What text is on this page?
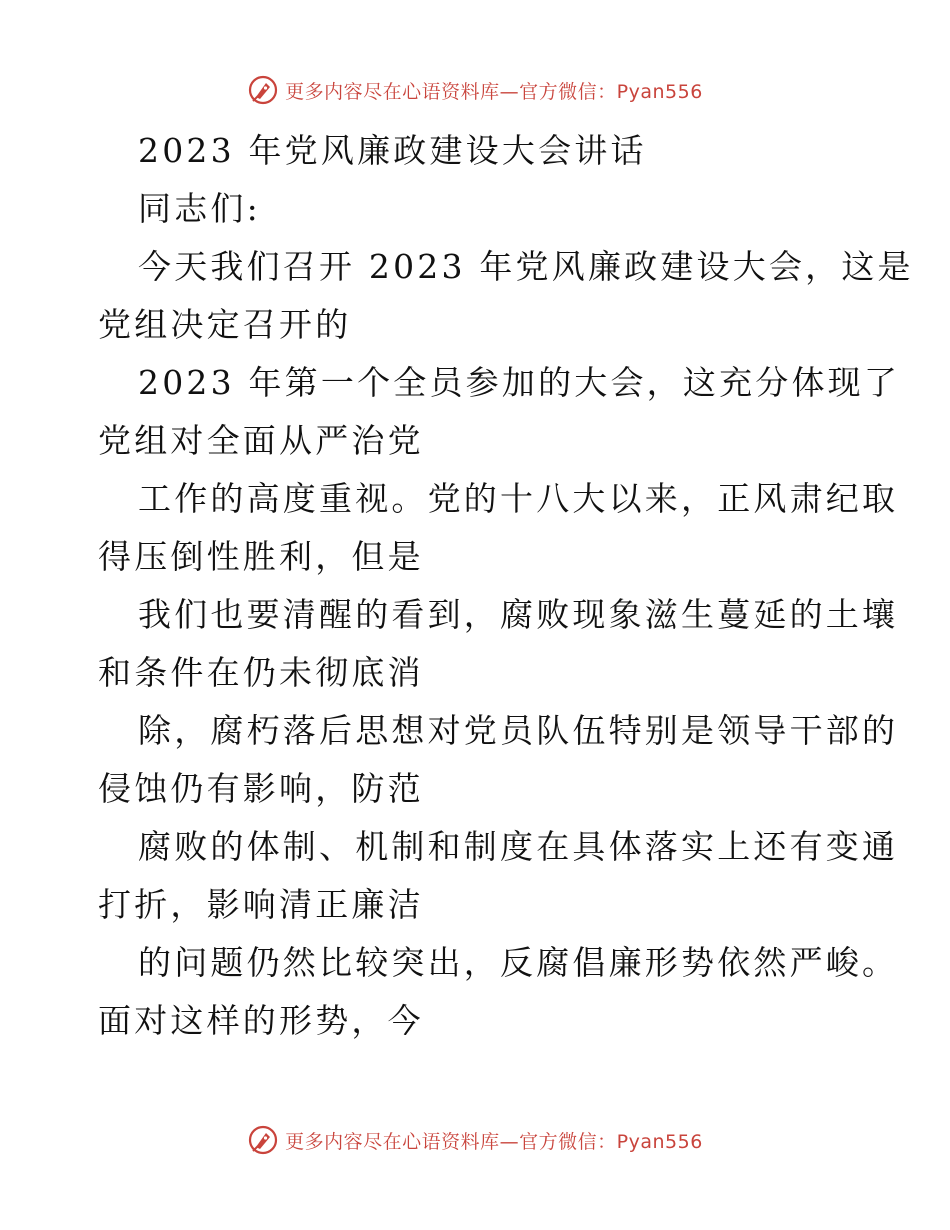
更多内容尽在心语资料库—官方微信：Pyan556
2023 年党风廉政建设大会讲话
同志们:
今天我们召开 2023 年党风廉政建设大会，这是
党组决定召开的
2023 年第一个全员参加的大会，这充分体现了
党组对全面从严治党
工作的高度重视。党的十八大以来，正风肃纪取
得压倒性胜利，但是
我们也要清醒的看到，腐败现象滋生蔓延的土壤
和条件在仍未彻底消
除，腐朽落后思想对党员队伍特别是领导干部的
侵蚀仍有影响，防范
腐败的体制、机制和制度在具体落实上还有变通
打折，影响清正廉洁
的问题仍然比较突出，反腐倡廉形势依然严峻。
面对这样的形势，今
更多内容尽在心语资料库—官方微信：Pyan556
